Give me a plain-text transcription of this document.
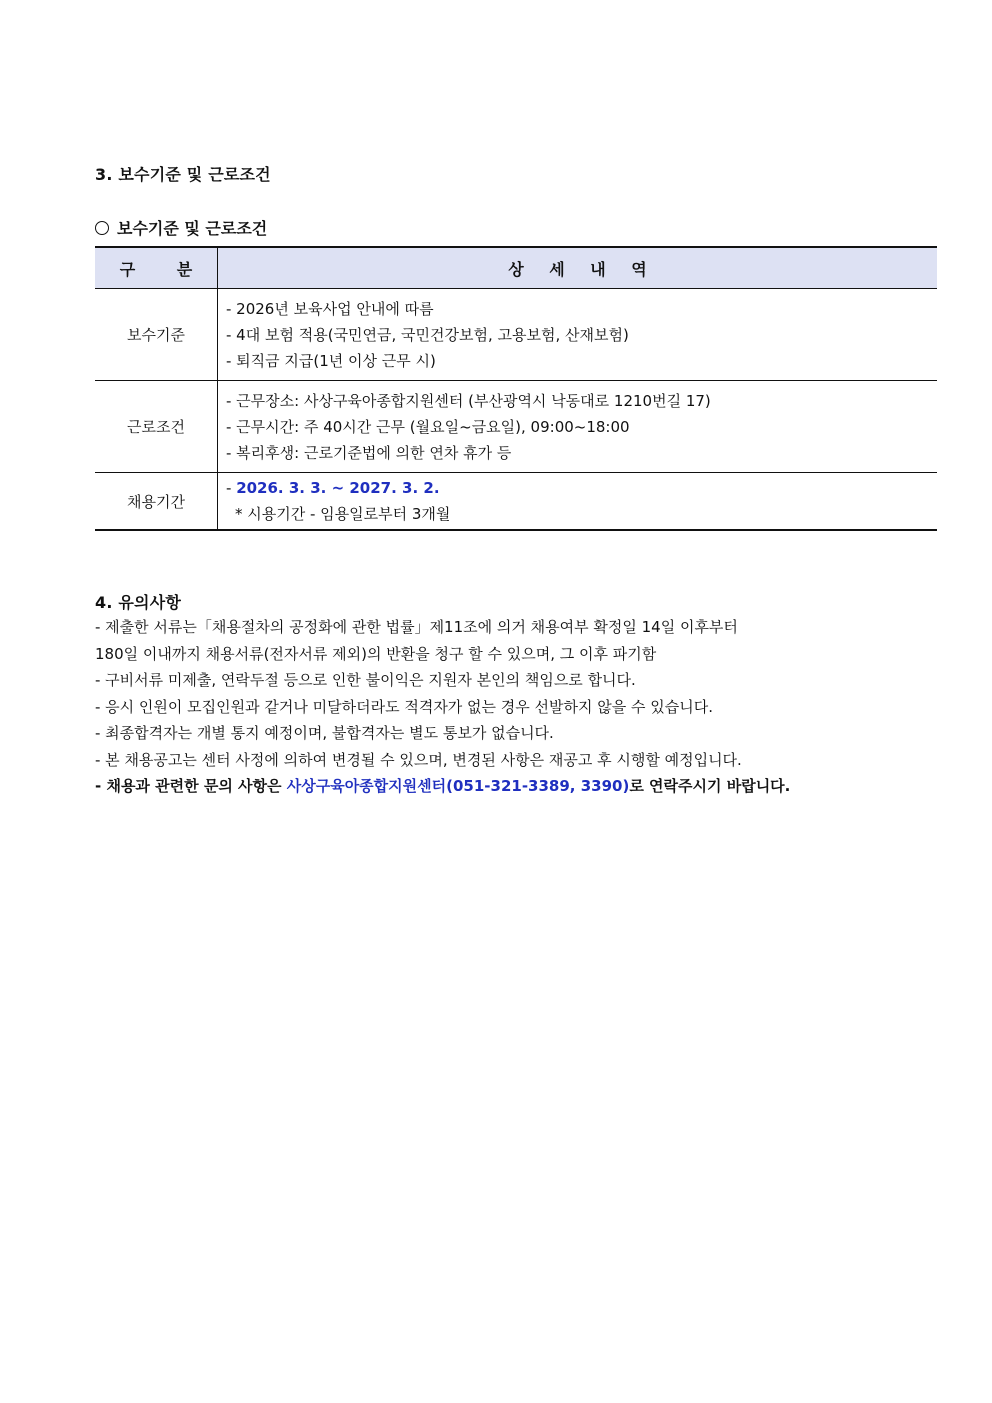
3. 보수기준 및 근로조건
보수기준 및 근로조건
구 분	상 세 내 역
보수기준	- 2026년 보육사업 안내에 따름
- 4대 보험 적용(국민연금, 국민건강보험, 고용보험, 산재보험)
- 퇴직금 지급(1년 이상 근무 시)

근로조건	- 근무장소: 사상구육아종합지원센터 (부산광역시 낙동대로 1210번길 17)
- 근무시간: 주 40시간 근무 (월요일~금요일), 09:00~18:00
- 복리후생: 근로기준법에 의한 연차 휴가 등

채용기간	- 2026. 3. 3. ~ 2027. 3. 2.
* 시용기간 - 임용일로부터 3개월
4. 유의사항
- 제출한 서류는「채용절차의 공정화에 관한 법률」제11조에 의거 채용여부 확정일 14일 이후부터
180일 이내까지 채용서류(전자서류 제외)의 반환을 청구 할 수 있으며, 그 이후 파기함
- 구비서류 미제출, 연락두절 등으로 인한 불이익은 지원자 본인의 책임으로 합니다.
- 응시 인원이 모집인원과 같거나 미달하더라도 적격자가 없는 경우 선발하지 않을 수 있습니다.
- 최종합격자는 개별 통지 예정이며, 불합격자는 별도 통보가 없습니다.
- 본 채용공고는 센터 사정에 의하여 변경될 수 있으며, 변경된 사항은 재공고 후 시행할 예정입니다.
- 채용과 관련한 문의 사항은 사상구육아종합지원센터(051-321-3389, 3390)로 연락주시기 바랍니다.
